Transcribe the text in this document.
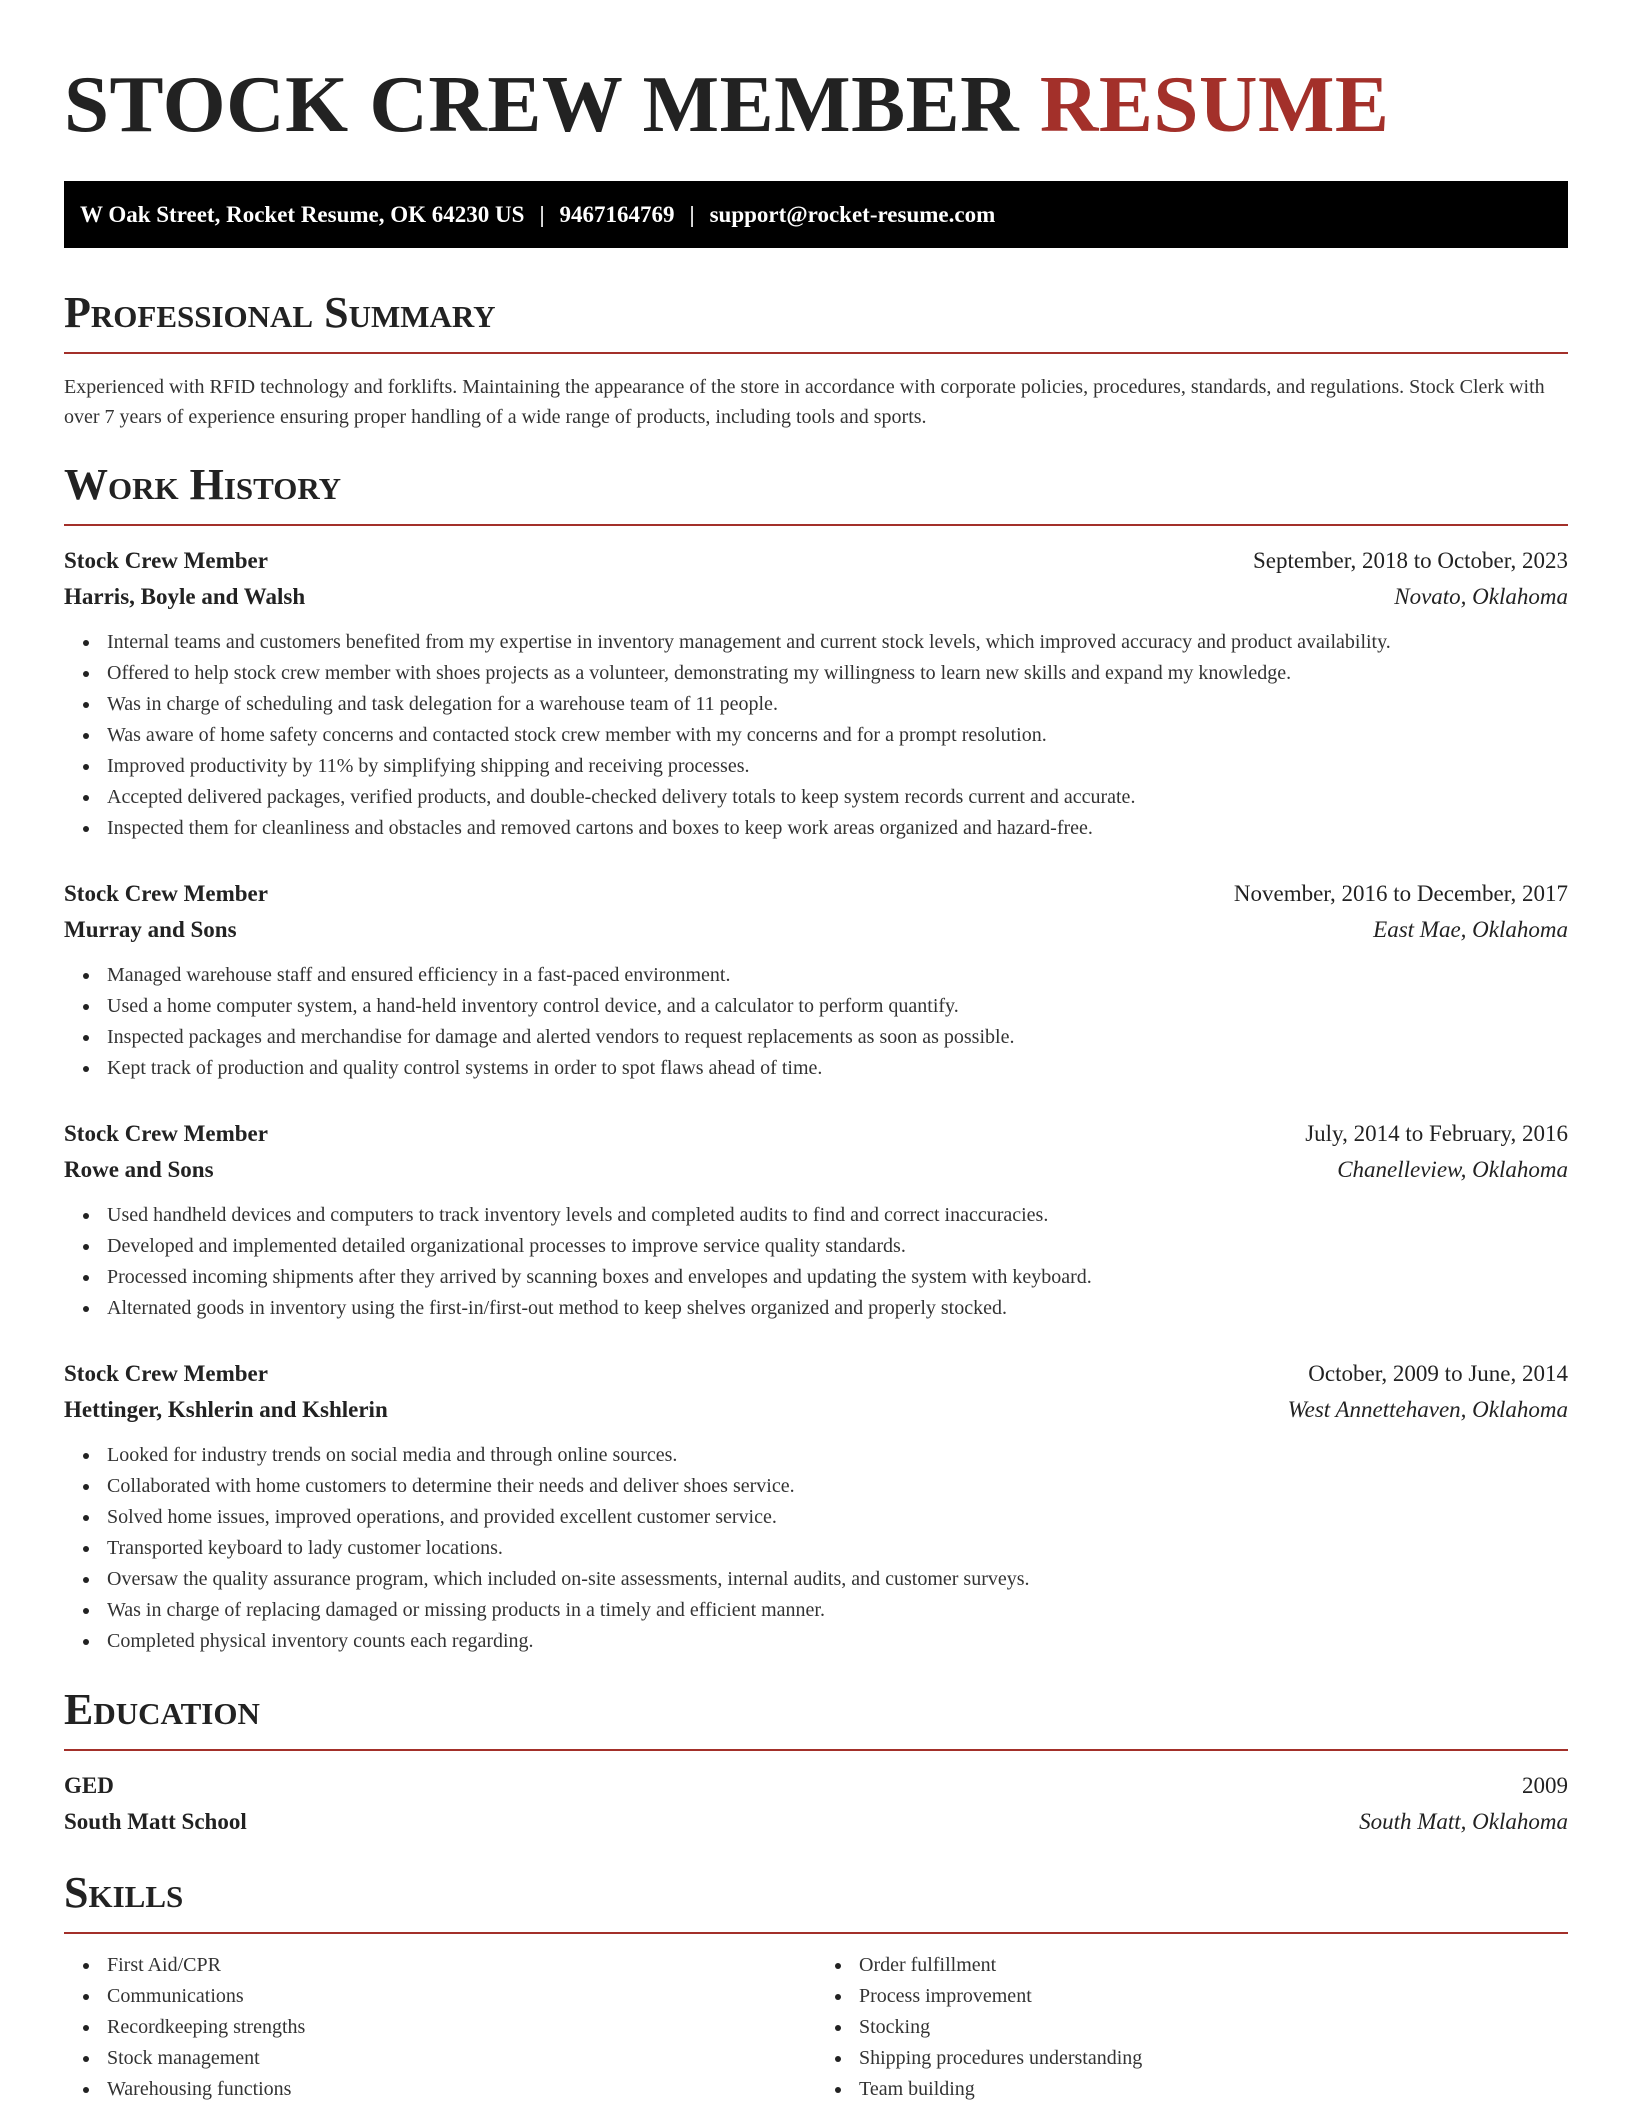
STOCK CREW MEMBER RESUME
W Oak Street, Rocket Resume, OK 64230 US | 9467164769 | support@rocket-resume.com
Professional Summary
Experienced with RFID technology and forklifts. Maintaining the appearance of the store in accordance with corporate policies, procedures, standards, and regulations. Stock Clerk with over 7 years of experience ensuring proper handling of a wide range of products, including tools and sports.
Work History
Stock Crew Member	September, 2018 to October, 2023
Harris, Boyle and Walsh	Novato, Oklahoma
Internal teams and customers benefited from my expertise in inventory management and current stock levels, which improved accuracy and product availability.
Offered to help stock crew member with shoes projects as a volunteer, demonstrating my willingness to learn new skills and expand my knowledge.
Was in charge of scheduling and task delegation for a warehouse team of 11 people.
Was aware of home safety concerns and contacted stock crew member with my concerns and for a prompt resolution.
Improved productivity by 11% by simplifying shipping and receiving processes.
Accepted delivered packages, verified products, and double-checked delivery totals to keep system records current and accurate.
Inspected them for cleanliness and obstacles and removed cartons and boxes to keep work areas organized and hazard-free.
Stock Crew Member	November, 2016 to December, 2017
Murray and Sons	East Mae, Oklahoma
Managed warehouse staff and ensured efficiency in a fast-paced environment.
Used a home computer system, a hand-held inventory control device, and a calculator to perform quantify.
Inspected packages and merchandise for damage and alerted vendors to request replacements as soon as possible.
Kept track of production and quality control systems in order to spot flaws ahead of time.
Stock Crew Member	July, 2014 to February, 2016
Rowe and Sons	Chanelleview, Oklahoma
Used handheld devices and computers to track inventory levels and completed audits to find and correct inaccuracies.
Developed and implemented detailed organizational processes to improve service quality standards.
Processed incoming shipments after they arrived by scanning boxes and envelopes and updating the system with keyboard.
Alternated goods in inventory using the first-in/first-out method to keep shelves organized and properly stocked.
Stock Crew Member	October, 2009 to June, 2014
Hettinger, Kshlerin and Kshlerin	West Annettehaven, Oklahoma
Looked for industry trends on social media and through online sources.
Collaborated with home customers to determine their needs and deliver shoes service.
Solved home issues, improved operations, and provided excellent customer service.
Transported keyboard to lady customer locations.
Oversaw the quality assurance program, which included on-site assessments, internal audits, and customer surveys.
Was in charge of replacing damaged or missing products in a timely and efficient manner.
Completed physical inventory counts each regarding.
Education
GED	2009
South Matt School	South Matt, Oklahoma
Skills
First Aid/CPR
Communications
Recordkeeping strengths
Stock management
Warehousing functions
Order fulfillment
Process improvement
Stocking
Shipping procedures understanding
Team building
